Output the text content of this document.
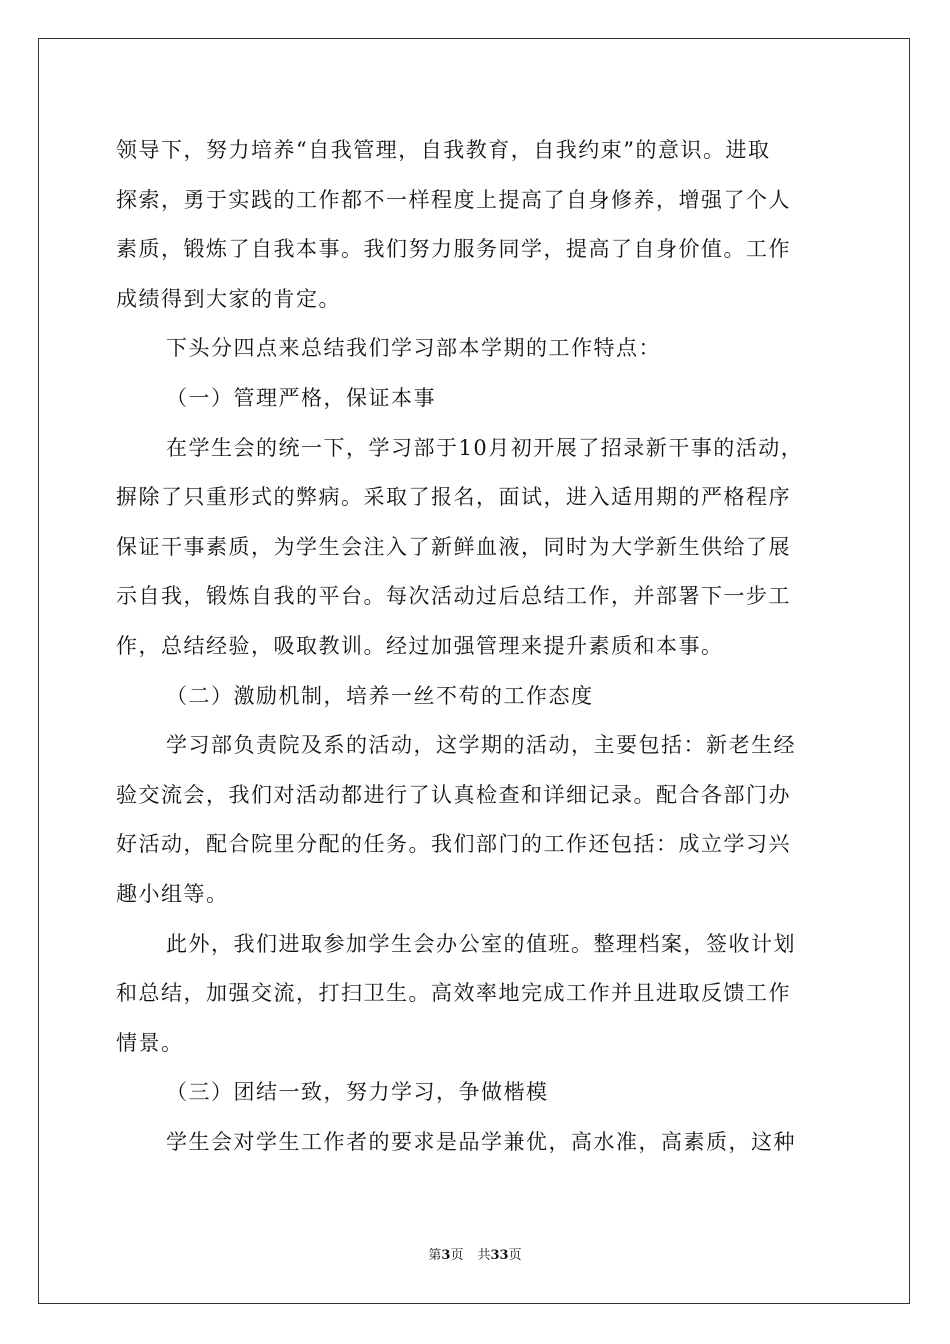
领导下，努力培养“自我管理，自我教育，自我约束”的意识。进取
探索，勇于实践的工作都不一样程度上提高了自身修养，增强了个人
素质，锻炼了自我本事。我们努力服务同学，提高了自身价值。工作
成绩得到大家的肯定。
下头分四点来总结我们学习部本学期的工作特点：
（一）管理严格，保证本事
在学生会的统一下，学习部于10月初开展了招录新干事的活动，
摒除了只重形式的弊病。采取了报名，面试，进入适用期的严格程序
保证干事素质，为学生会注入了新鲜血液，同时为大学新生供给了展
示自我，锻炼自我的平台。每次活动过后总结工作，并部署下一步工
作，总结经验，吸取教训。经过加强管理来提升素质和本事。
（二）激励机制，培养一丝不苟的工作态度
学习部负责院及系的活动，这学期的活动，主要包括：新老生经
验交流会，我们对活动都进行了认真检查和详细记录。配合各部门办
好活动，配合院里分配的任务。我们部门的工作还包括：成立学习兴
趣小组等。
此外，我们进取参加学生会办公室的值班。整理档案，签收计划
和总结，加强交流，打扫卫生。高效率地完成工作并且进取反馈工作
情景。
（三）团结一致，努力学习，争做楷模
学生会对学生工作者的要求是品学兼优，高水准，高素质，这种
第3页 共33页
